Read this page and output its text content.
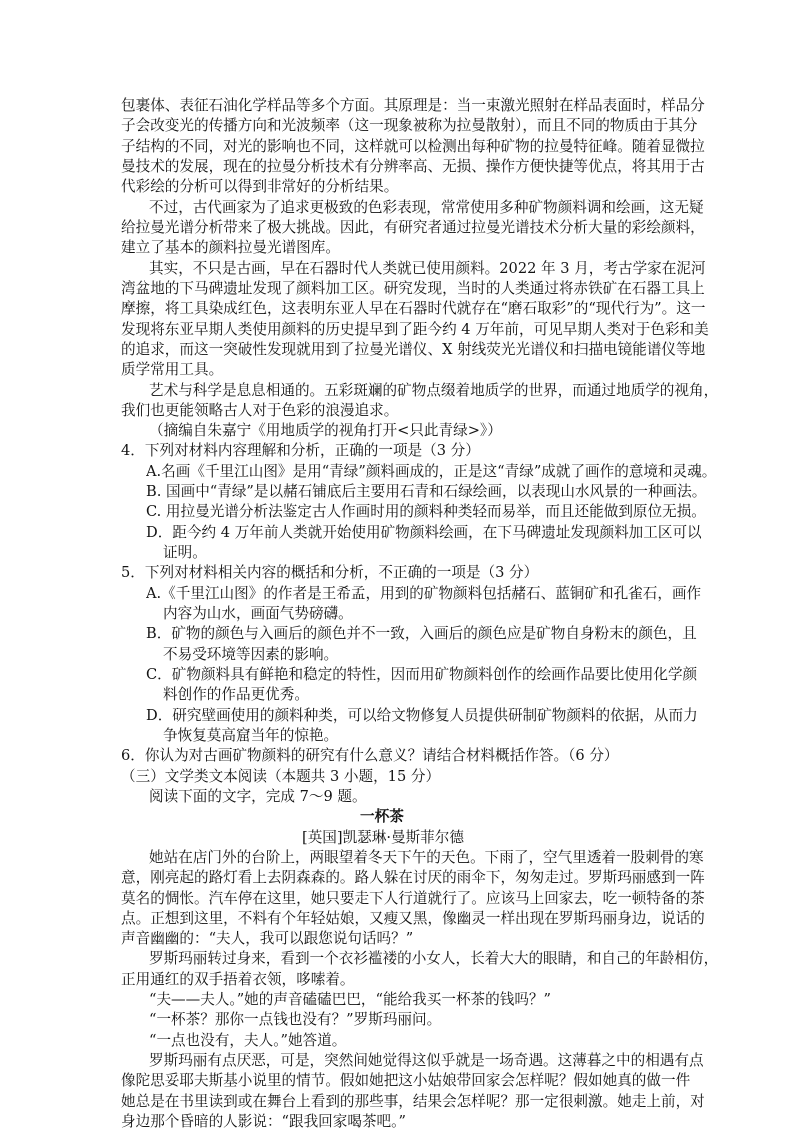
包裹体、表征石油化学样品等多个方面。其原理是：当一束激光照射在样品表面时，样品分
子会改变光的传播方向和光波频率（这一现象被称为拉曼散射），而且不同的物质由于其分
子结构的不同，对光的影响也不同，这样就可以检测出每种矿物的拉曼特征峰。随着显微拉
曼技术的发展，现在的拉曼分析技术有分辨率高、无损、操作方便快捷等优点，将其用于古
代彩绘的分析可以得到非常好的分析结果。
不过，古代画家为了追求更极致的色彩表现，常常使用多种矿物颜料调和绘画，这无疑
给拉曼光谱分析带来了极大挑战。因此，有研究者通过拉曼光谱技术分析大量的彩绘颜料，
建立了基本的颜料拉曼光谱图库。
其实，不只是古画，早在石器时代人类就已使用颜料。2022 年 3 月，考古学家在泥河
湾盆地的下马碑遗址发现了颜料加工区。研究发现，当时的人类通过将赤铁矿在石器工具上
摩擦，将工具染成红色，这表明东亚人早在石器时代就存在“磨石取彩”的“现代行为”。这一
发现将东亚早期人类使用颜料的历史提早到了距今约 4 万年前，可见早期人类对于色彩和美
的追求，而这一突破性发现就用到了拉曼光谱仪、X 射线荧光光谱仪和扫描电镜能谱仪等地
质学常用工具。
艺术与科学是息息相通的。五彩斑斓的矿物点缀着地质学的世界，而通过地质学的视角，
我们也更能领略古人对于色彩的浪漫追求。
（摘编自朱嘉宁《用地质学的视角打开<只此青绿>》）
4．下列对材料内容理解和分析，正确的一项是（3 分）
A.名画《千里江山图》是用“青绿”颜料画成的，正是这“青绿”成就了画作的意境和灵魂。
B. 国画中“青绿”是以赭石铺底后主要用石青和石绿绘画，以表现山水风景的一种画法。
C. 用拉曼光谱分析法鉴定古人作画时用的颜料种类轻而易举，而且还能做到原位无损。
D．距今约 4 万年前人类就开始使用矿物颜料绘画，在下马碑遗址发现颜料加工区可以
证明。
5．下列对材料相关内容的概括和分析，不正确的一项是（3 分）
A.《千里江山图》的作者是王希孟，用到的矿物颜料包括赭石、蓝铜矿和孔雀石，画作
内容为山水，画面气势磅礴。
B．矿物的颜色与入画后的颜色并不一致，入画后的颜色应是矿物自身粉末的颜色，且
不易受环境等因素的影响。
C．矿物颜料具有鲜艳和稳定的特性，因而用矿物颜料创作的绘画作品要比使用化学颜
料创作的作品更优秀。
D．研究壁画使用的颜料种类，可以给文物修复人员提供研制矿物颜料的依据，从而力
争恢复莫高窟当年的惊艳。
6．你认为对古画矿物颜料的研究有什么意义？请结合材料概括作答。（6 分）
（三）文学类文本阅读（本题共 3 小题，15 分）
阅读下面的文字，完成 7～9 题。
一杯茶
[英国]凯瑟琳·曼斯菲尔德
她站在店门外的台阶上，两眼望着冬天下午的天色。下雨了，空气里透着一股刺骨的寒
意，刚亮起的路灯看上去阴森森的。路人躲在讨厌的雨伞下，匆匆走过。罗斯玛丽感到一阵
莫名的惆怅。汽车停在这里，她只要走下人行道就行了。应该马上回家去，吃一顿特备的茶
点。正想到这里，不料有个年轻姑娘，又瘦又黑，像幽灵一样出现在罗斯玛丽身边，说话的
声音幽幽的：“夫人，我可以跟您说句话吗？”
罗斯玛丽转过身来，看到一个衣衫褴褛的小女人，长着大大的眼睛，和自己的年龄相仿，
正用通红的双手捂着衣领，哆嗦着。
“夫——夫人。”她的声音磕磕巴巴，“能给我买一杯茶的钱吗？”
“一杯茶？那你一点钱也没有？”罗斯玛丽问。
“一点也没有，夫人。”她答道。
罗斯玛丽有点厌恶，可是，突然间她觉得这似乎就是一场奇遇。这薄暮之中的相遇有点
像陀思妥耶夫斯基小说里的情节。假如她把这小姑娘带回家会怎样呢？假如她真的做一件
她总是在书里读到或在舞台上看到的那些事，结果会怎样呢？那一定很刺激。她走上前，对
身边那个昏暗的人影说：“跟我回家喝茶吧。”
